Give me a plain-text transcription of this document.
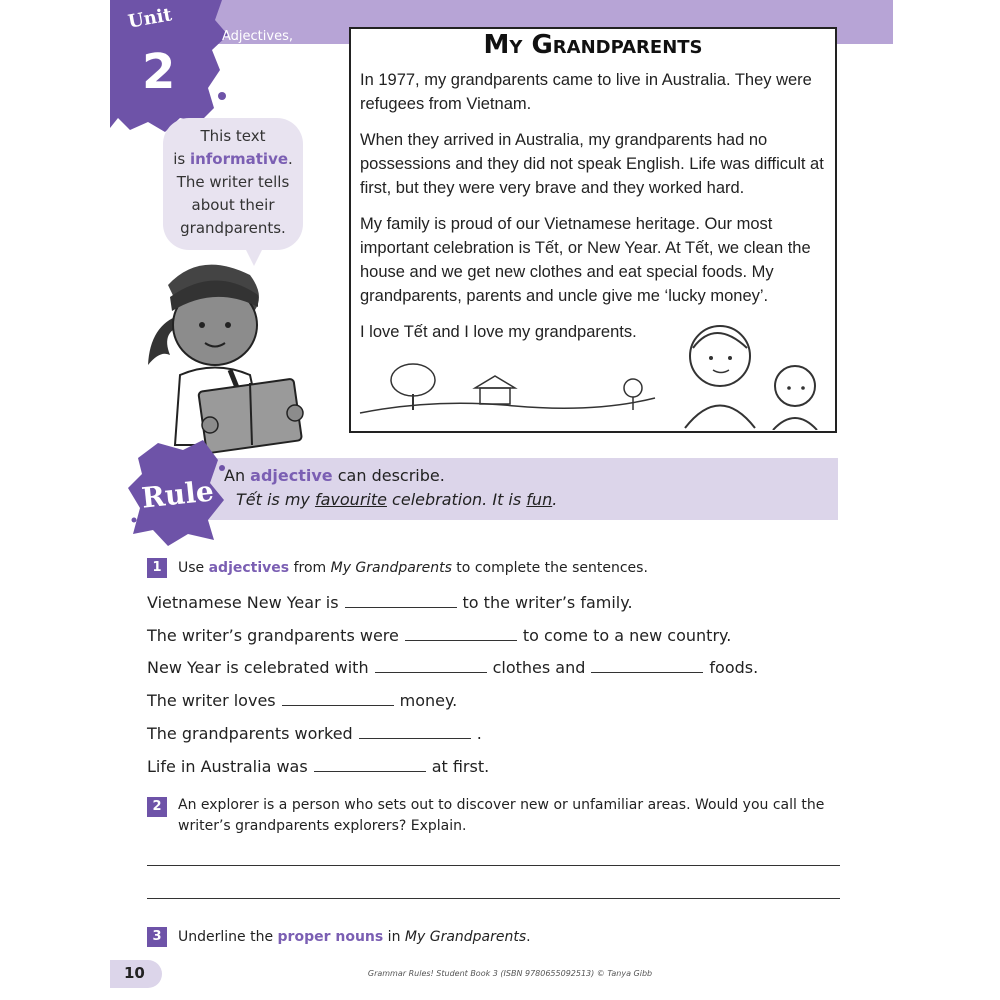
Unit
2
Adjectives,
clauses
This text
is informative.
The writer tells
about their
grandparents.
My Grandparents

In 1977, my grandparents came to live in Australia. They were refugees from Vietnam.

When they arrived in Australia, my grandparents had no possessions and they did not speak English. Life was difficult at first, but they were very brave and they worked hard.

My family is proud of our Vietnamese heritage. Our most important celebration is Tết, or New Year. At Tết, we clean the house and we get new clothes and eat special foods. My grandparents, parents and uncle give me ‘lucky money’.

I love Tết and I love my grandparents.

Rule An adjective can describe.
Tết is my favourite celebration. It is fun.
1	Use adjectives from My Grandparents to complete the sentences.
Vietnamese New Year is	to the writer’s family.
The writer’s grandparents were	to come to a new country.
New Year is celebrated with	clothes and	foods.
The writer loves	money.
The grandparents worked	.
Life in Australia was	at first.
2	An explorer is a person who sets out to discover new or unfamiliar areas. Would you call the
writer’s grandparents explorers? Explain.
3	Underline the proper nouns in My Grandparents.
10	Grammar Rules! Student Book 3 (ISBN 9780655092513) © Tanya Gibb
